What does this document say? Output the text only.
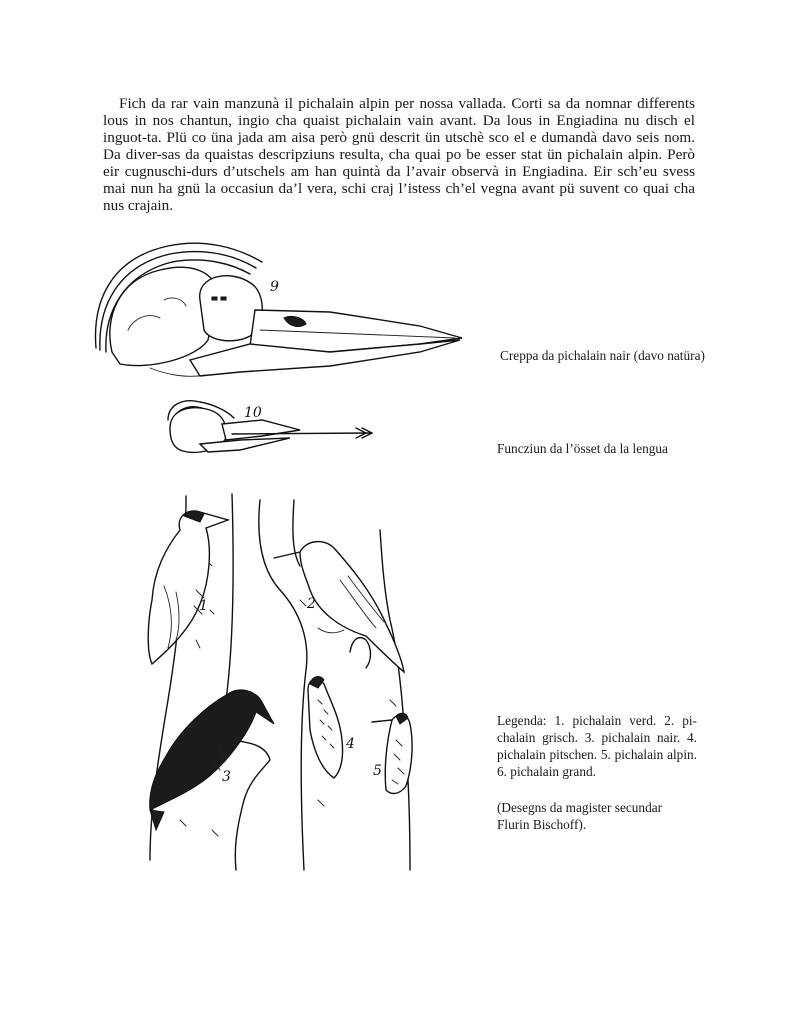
Fich da rar vain manzunà il pichalain alpin per nossa vallada. Corti sa da nomnar differents lous in nos chantun, ingio cha quaist pichalain vain avant. Da lous in Engiadina nu disch el inguot-ta. Plü co üna jada am aisa però gnü descrit ün utschè sco el e dumandà davo seis nom. Da diver-sas da quaistas descripziuns resulta, cha quai po be esser stat ün pichalain alpin. Però eir cugnuschi-durs d’utschels am han quintà da l’avair observà in Engiadina. Eir sch’eu svess mai nun ha gnü la occasiun da’l vera, schi craj l’istess ch’el vegna avant pü suvent co quai cha nus crajain.

9
10
1	2
3
4
5
Creppa da pichalain nair (davo natüra)
Funcziun da l’össet da la lengua
Legenda: 1. pichalain verd. 2. pi-chalain grisch. 3. pichalain nair. 4. pichalain pitschen. 5. pichalain alpin. 6. pichalain grand.
(Desegns da magister secundar Flurin Bischoff).
